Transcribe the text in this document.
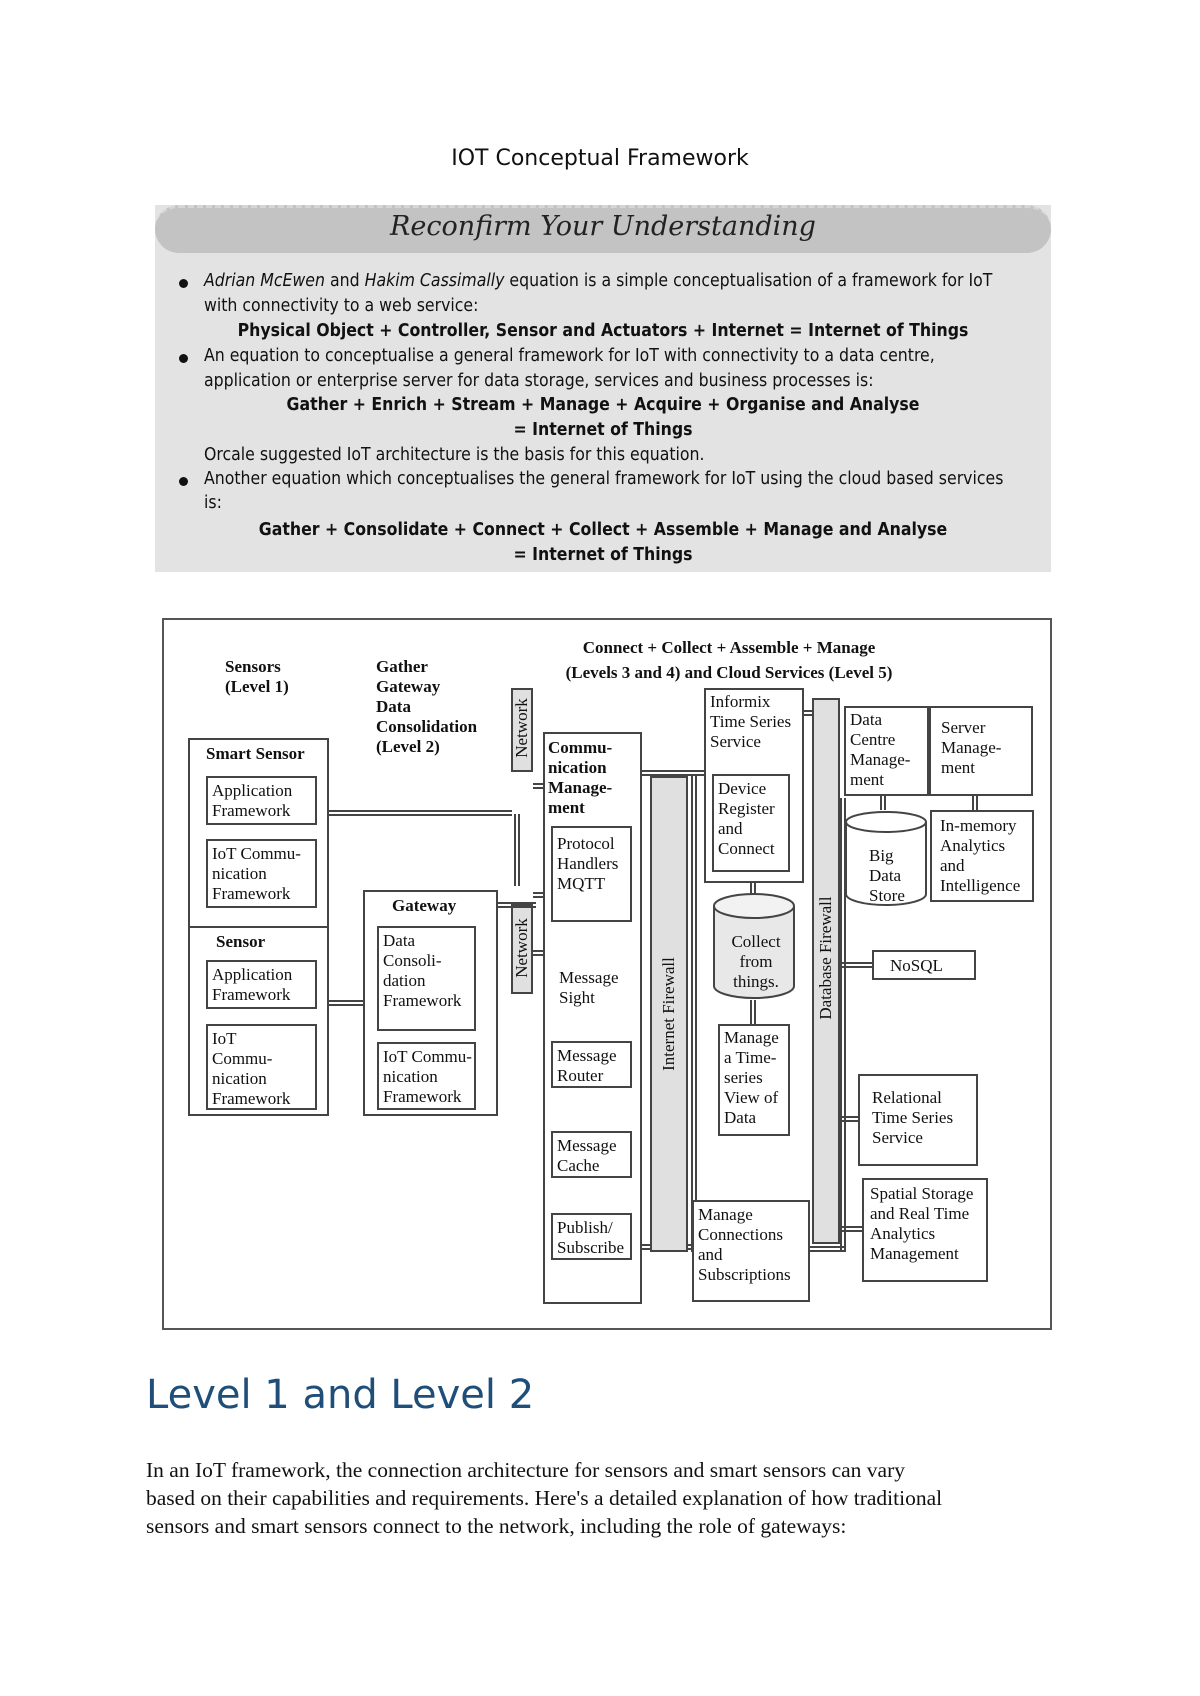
IOT Conceptual Framework
Reconfirm Your Understanding
Adrian McEwen and Hakim Cassimally equation is a simple conceptualisation of a framework for IoT
with connectivity to a web service:
Physical Object + Controller, Sensor and Actuators + Internet = Internet of Things
An equation to conceptualise a general framework for IoT with connectivity to a data centre,
application or enterprise server for data storage, services and business processes is:
Gather + Enrich + Stream + Manage + Acquire + Organise and Analyse
= Internet of Things
Orcale suggested IoT architecture is the basis for this equation.
Another equation which conceptualises the general framework for IoT using the cloud based services
is:
Gather + Consolidate + Connect + Collect + Assemble + Manage and Analyse
= Internet of Things
Sensors
(Level 1)
Gather
Gateway
Data
Consolidation
(Level 2)
Connect + Collect + Assemble + Manage
(Levels 3 and 4) and Cloud Services (Level 5)
Smart Sensor
Application
Framework
IoT Commu-
nication
Framework
Sensor
Application
Framework
IoT
Commu-
nication
Framework
Gateway
Data
Consoli-
dation
Framework
IoT Commu-
nication
Framework
Network
Network
Commu-
nication
Manage-
ment
Protocol
Handlers
MQTT
Message
Sight
Message
Router
Message
Cache
Publish/
Subscribe
Internet Firewall
Informix
Time Series
Service
Device
Register
and
Connect
Collect
from
things.
Manage
a Time-
series
View of
Data
Manage
Connections
and
Subscriptions
Database Firewall
Data
Centre
Manage-
ment
Server
Manage-
ment
Big
Data
Store
In-memory
Analytics
and
Intelligence
NoSQL
Relational
Time Series
Service
Spatial Storage
and Real Time
Analytics
Management
Level 1 and Level 2
In an IoT framework, the connection architecture for sensors and smart sensors can vary
based on their capabilities and requirements. Here's a detailed explanation of how traditional
sensors and smart sensors connect to the network, including the role of gateways:
